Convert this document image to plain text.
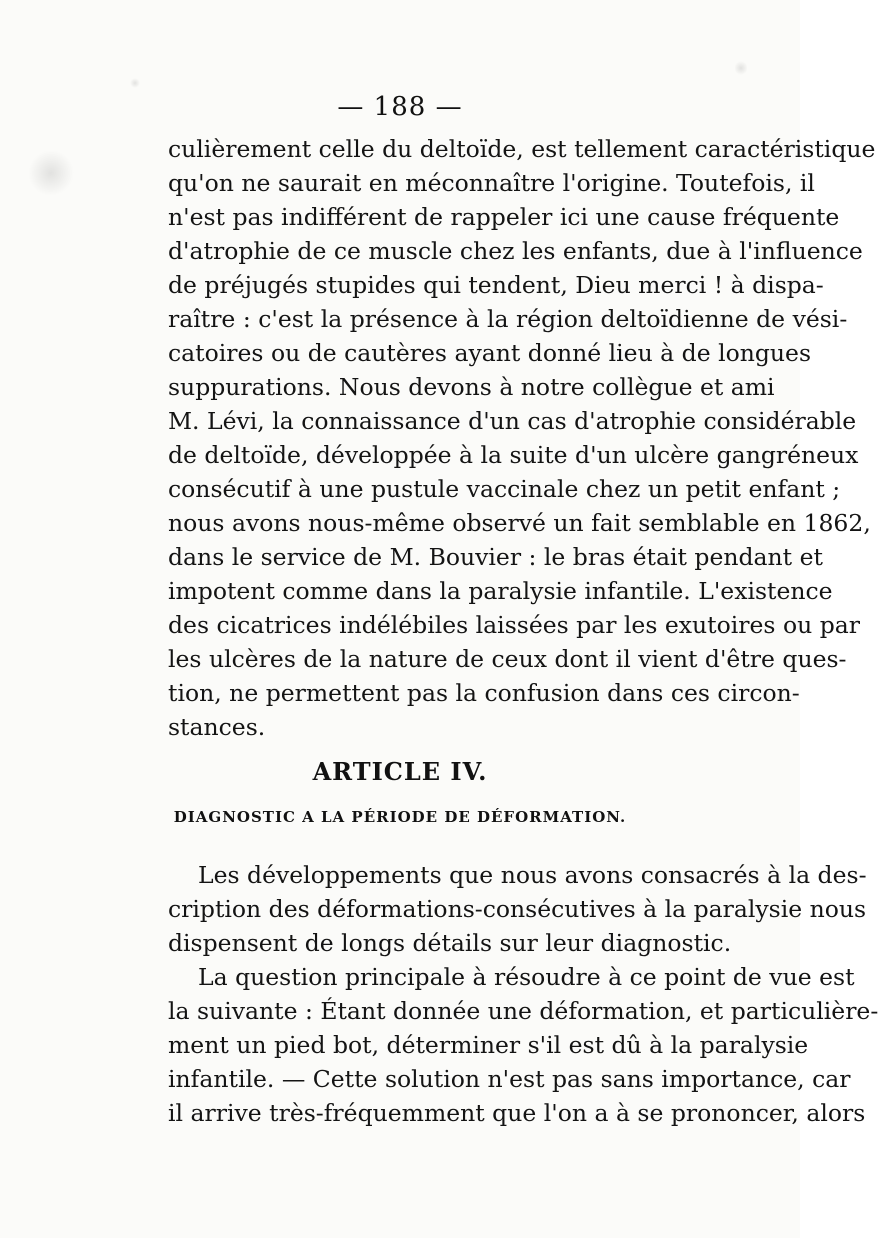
— 188 —
culièrement celle du deltoïde, est tellement caractéristique
qu'on ne saurait en méconnaître l'origine. Toutefois, il
n'est pas indifférent de rappeler ici une cause fréquente
d'atrophie de ce muscle chez les enfants, due à l'influence
de préjugés stupides qui tendent, Dieu merci ! à dispa-
raître : c'est la présence à la région deltoïdienne de vési-
catoires ou de cautères ayant donné lieu à de longues
suppurations. Nous devons à notre collègue et ami
M. Lévi, la connaissance d'un cas d'atrophie considérable
de deltoïde, développée à la suite d'un ulcère gangréneux
consécutif à une pustule vaccinale chez un petit enfant ;
nous avons nous-même observé un fait semblable en 1862,
dans le service de M. Bouvier : le bras était pendant et
impotent comme dans la paralysie infantile. L'existence
des cicatrices indélébiles laissées par les exutoires ou par
les ulcères de la nature de ceux dont il vient d'être ques-
tion, ne permettent pas la confusion dans ces circon-
stances.
ARTICLE IV.
DIAGNOSTIC A LA PÉRIODE DE DÉFORMATION.
Les développements que nous avons consacrés à la des-
cription des déformations-consécutives à la paralysie nous
dispensent de longs détails sur leur diagnostic.
La question principale à résoudre à ce point de vue est
la suivante : Étant donnée une déformation, et particulière-
ment un pied bot, déterminer s'il est dû à la paralysie
infantile. — Cette solution n'est pas sans importance, car
il arrive très-fréquemment que l'on a à se prononcer, alors
